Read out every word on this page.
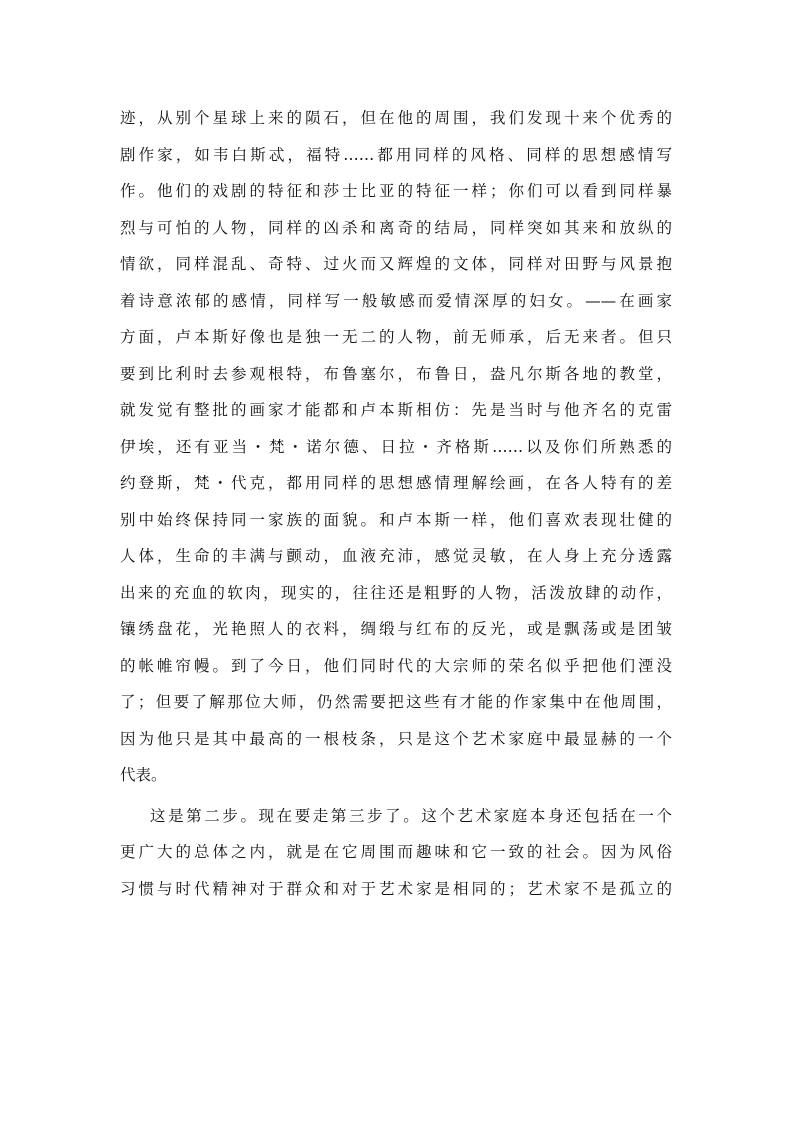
迹，从别个星球上来的陨石，但在他的周围，我们发现十来个优秀的
剧作家，如韦白斯忒，福特……都用同样的风格、同样的思想感情写
作。他们的戏剧的特征和莎士比亚的特征一样；你们可以看到同样暴
烈与可怕的人物，同样的凶杀和离奇的结局，同样突如其来和放纵的
情欲，同样混乱、奇特、过火而又辉煌的文体，同样对田野与风景抱
着诗意浓郁的感情，同样写一般敏感而爱情深厚的妇女。——在画家
方面，卢本斯好像也是独一无二的人物，前无师承，后无来者。但只
要到比利时去参观根特，布鲁塞尔，布鲁日，盎凡尔斯各地的教堂，
就发觉有整批的画家才能都和卢本斯相仿：先是当时与他齐名的克雷
伊埃，还有亚当・梵・诺尔德、日拉・齐格斯……以及你们所熟悉的
约登斯，梵・代克，都用同样的思想感情理解绘画，在各人特有的差
别中始终保持同一家族的面貌。和卢本斯一样，他们喜欢表现壮健的
人体，生命的丰满与颤动，血液充沛，感觉灵敏，在人身上充分透露
出来的充血的软肉，现实的，往往还是粗野的人物，活泼放肆的动作，
镶绣盘花，光艳照人的衣料，绸缎与红布的反光，或是飘荡或是团皱
的帐帷帘幔。到了今日，他们同时代的大宗师的荣名似乎把他们湮没
了；但要了解那位大师，仍然需要把这些有才能的作家集中在他周围，
因为他只是其中最高的一根枝条，只是这个艺术家庭中最显赫的一个
代表。
这是第二步。现在要走第三步了。这个艺术家庭本身还包括在一个
更广大的总体之内，就是在它周围而趣味和它一致的社会。因为风俗
习惯与时代精神对于群众和对于艺术家是相同的；艺术家不是孤立的
